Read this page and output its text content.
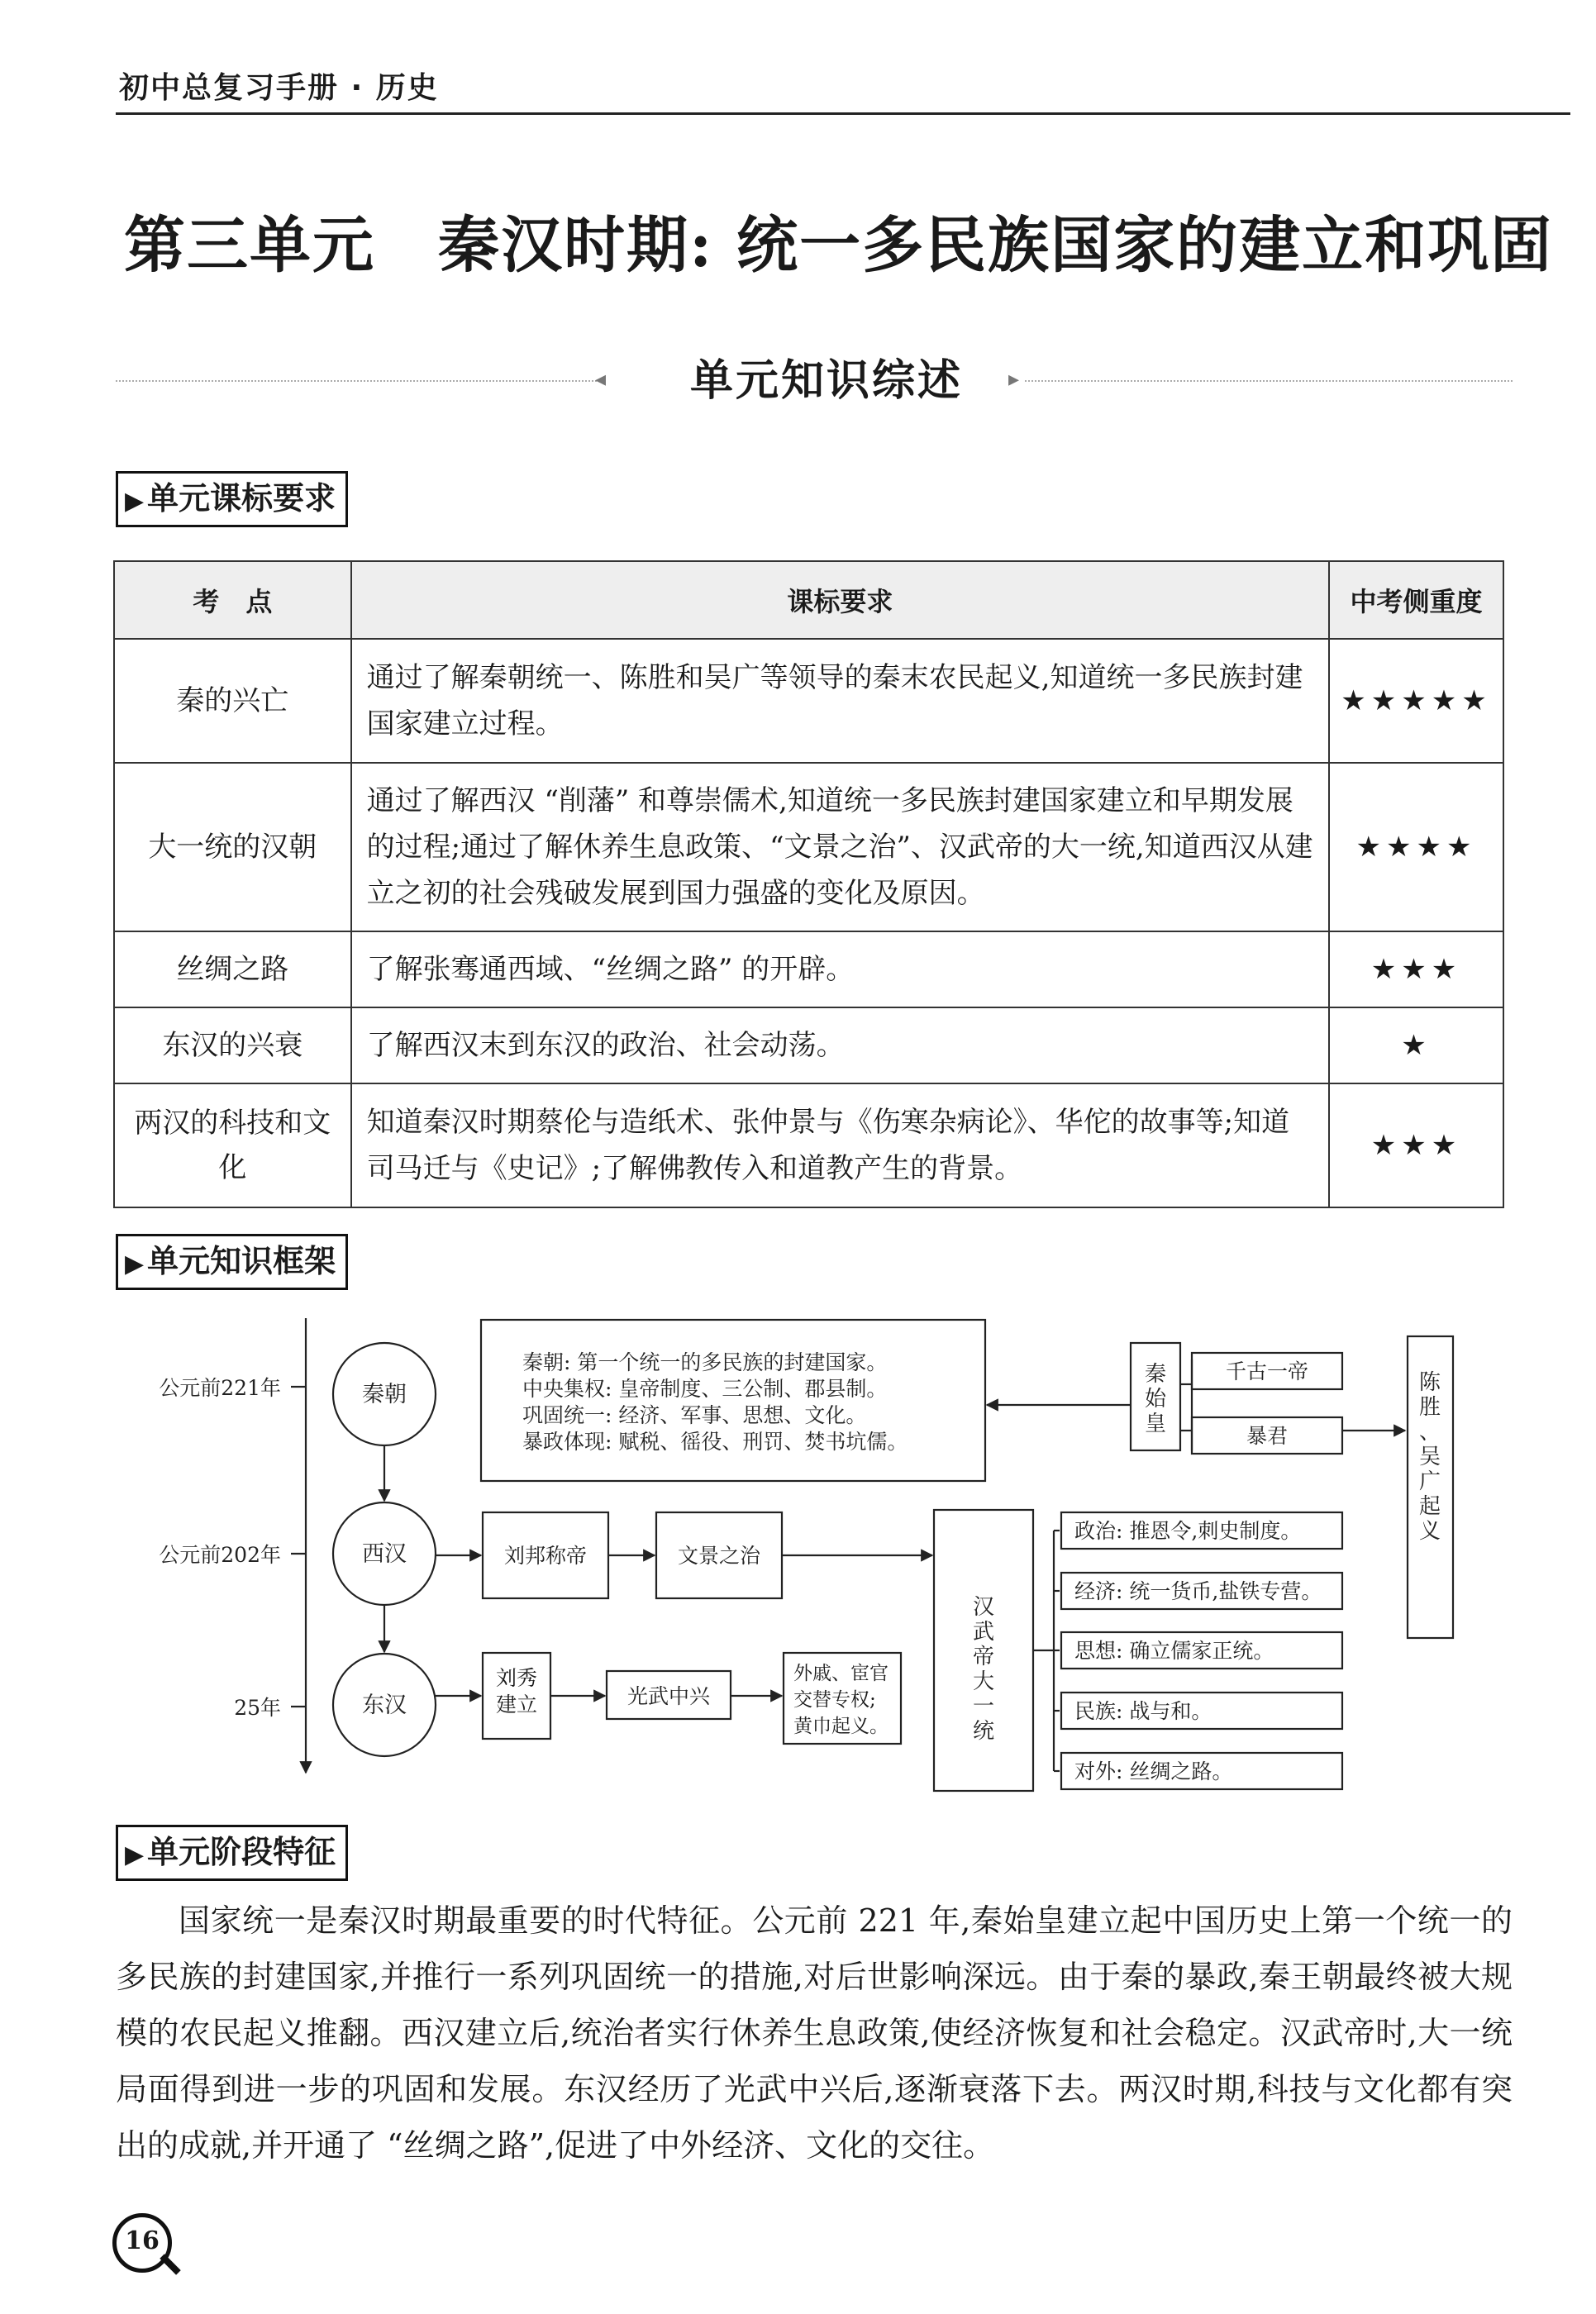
初中总复习手册 · 历史
第三单元　秦汉时期: 统一多民族国家的建立和巩固
◂	单元知识综述	▸
▶ 单元课标要求
考　点	课标要求	中考侧重度
秦的兴亡	通过了解秦朝统一、陈胜和吴广等领导的秦末农民起义,知道统一多民族封建国家建立过程。	★★★★★
大一统的汉朝	通过了解西汉 “削藩” 和尊崇儒术,知道统一多民族封建国家建立和早期发展的过程;通过了解休养生息政策、“文景之治”、汉武帝的大一统,知道西汉从建立之初的社会残破发展到国力强盛的变化及原因。	★★★★
丝绸之路	了解张骞通西域、“丝绸之路” 的开辟。	★★★
东汉的兴衰	了解西汉末到东汉的政治、社会动荡。	★
两汉的科技和文化	知道秦汉时期蔡伦与造纸术、张仲景与《伤寒杂病论》、华佗的故事等;知道司马迁与《史记》;了解佛教传入和道教产生的背景。	★★★
▶ 单元知识框架
公元前221年
公元前202年
25年
秦朝
西汉
东汉
秦朝: 第一个统一的多民族的封建国家。
中央集权: 皇帝制度、三公制、郡县制。
巩固统一: 经济、军事、思想、文化。
暴政体现: 赋税、徭役、刑罚、焚书坑儒。
秦始皇
陈胜、吴广起义
汉武帝大一统
千古一帝
暴君
刘邦称帝	文景之治
刘秀建立	光武中兴
外戚、宦官交替专权;黄巾起义。
政治: 推恩令,刺史制度。
经济: 统一货币,盐铁专营。
思想: 确立儒家正统。
民族: 战与和。
对外: 丝绸之路。
▶ 单元阶段特征

国家统一是秦汉时期最重要的时代特征。公元前 221 年,秦始皇建立起中国历史上第一个统一的多民族的封建国家,并推行一系列巩固统一的措施,对后世影响深远。由于秦的暴政,秦王朝最终被大规模的农民起义推翻。西汉建立后,统治者实行休养生息政策,使经济恢复和社会稳定。汉武帝时,大一统局面得到进一步的巩固和发展。东汉经历了光武中兴后,逐渐衰落下去。两汉时期,科技与文化都有突出的成就,并开通了 “丝绸之路”,促进了中外经济、文化的交往。

16
